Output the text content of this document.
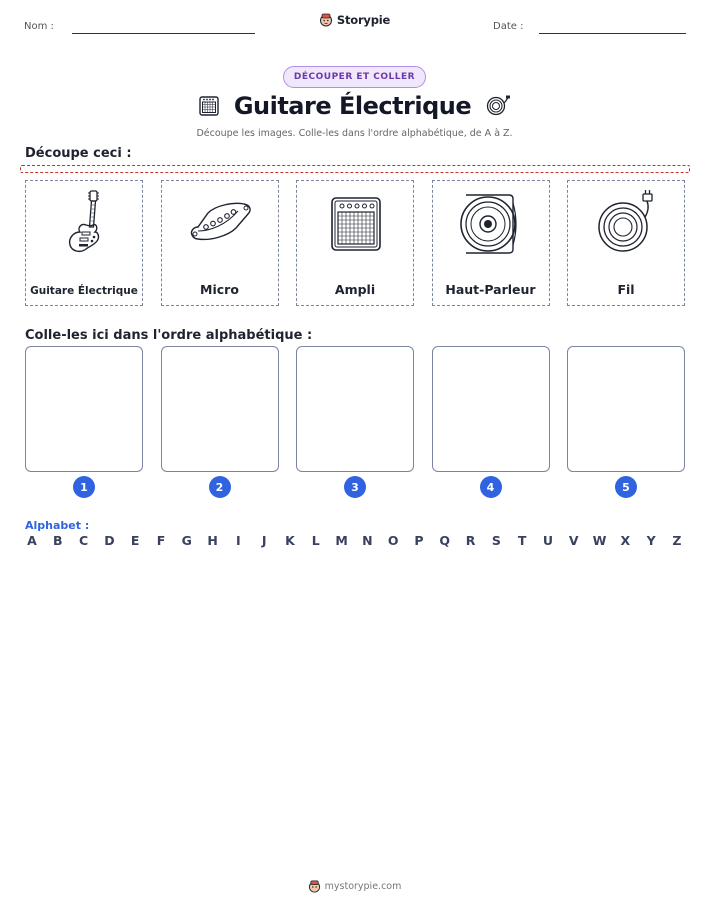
Nom :	Storypie	Date :
DÉCOUPER ET COLLER
Guitare Électrique
Découpe les images. Colle-les dans l'ordre alphabétique, de A à Z.
Découpe ceci :
Guitare Électrique	Micro	Ampli	Haut-Parleur	Fil
Colle-les ici dans l'ordre alphabétique :
1	2	3	4	5
Alphabet :
A B C D E F G H	I	J	K L M N O P Q R S T U V W X Y Z
mystorypie.com
